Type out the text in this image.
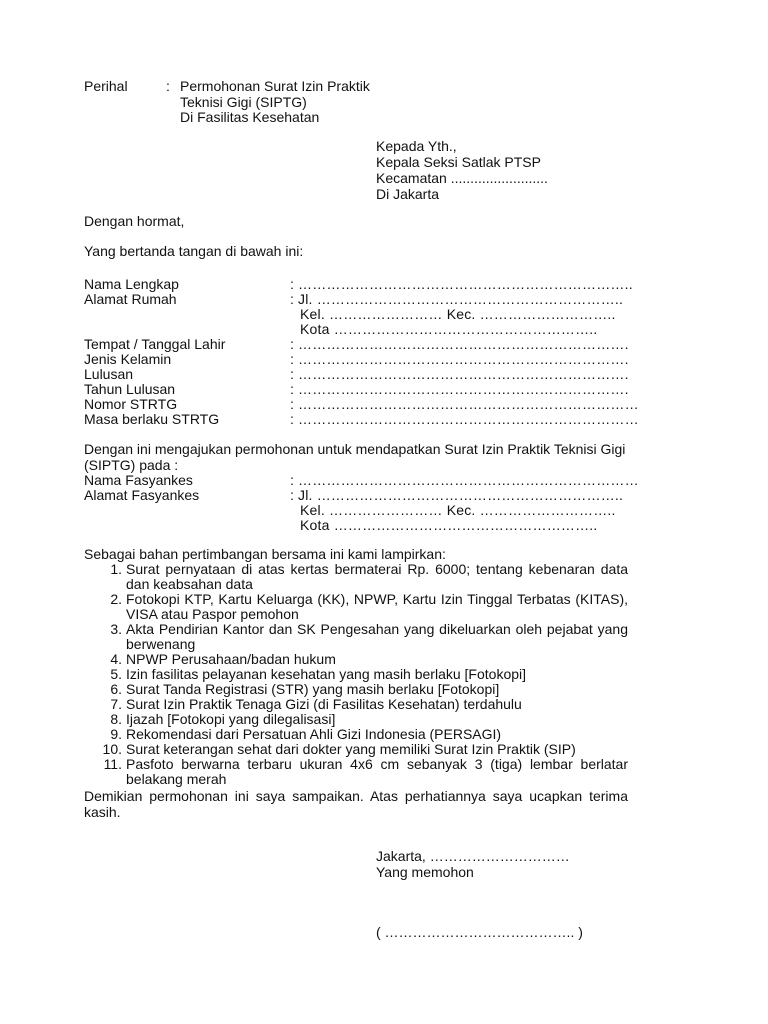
Perihal	: Permohonan Surat Izin Praktik
Teknisi Gigi (SIPTG)
Di Fasilitas Kesehatan
Kepada Yth.,
Kepala Seksi Satlak PTSP
Kecamatan .........................
Di Jakarta
Dengan hormat,
Yang bertanda tangan di bawah ini:
Nama Lengkap	: ……………………………………………………………..
Alamat Rumah	: Jl. ………………………………………………………..
Kel. …………………… Kec. ………………………..
Kota ………………………………………………..
Tempat / Tanggal Lahir	: …………………………………………………………….
Jenis Kelamin	: …………………………………………………………….
Lulusan	: …………………………………………………………….
Tahun Lulusan	: …………………………………………………………….
Nomor STRTG	: ………………………………………………………………
Masa berlaku STRTG	: ………………………………………………………………
Dengan ini mengajukan permohonan untuk mendapatkan Surat Izin Praktik Teknisi Gigi (SIPTG) pada :
Nama Fasyankes	: ………………………………………………………………
Alamat Fasyankes	: Jl. ………………………………………………………..
Kel. …………………… Kec. ………………………..
Kota ………………………………………………..
Sebagai bahan pertimbangan bersama ini kami lampirkan:
1. Surat pernyataan di atas kertas bermaterai Rp. 6000; tentang kebenaran data dan keabsahan data
2. Fotokopi KTP, Kartu Keluarga (KK), NPWP, Kartu Izin Tinggal Terbatas (KITAS), VISA atau Paspor pemohon
3. Akta Pendirian Kantor dan SK Pengesahan yang dikeluarkan oleh pejabat yang berwenang
4. NPWP Perusahaan/badan hukum
5. Izin fasilitas pelayanan kesehatan yang masih berlaku [Fotokopi]
6. Surat Tanda Registrasi (STR) yang masih berlaku [Fotokopi]
7. Surat Izin Praktik Tenaga Gizi (di Fasilitas Kesehatan) terdahulu
8. Ijazah [Fotokopi yang dilegalisasi]
9. Rekomendasi dari Persatuan Ahli Gizi Indonesia (PERSAGI)
10. Surat keterangan sehat dari dokter yang memiliki Surat Izin Praktik (SIP)
11. Pasfoto berwarna terbaru ukuran 4x6 cm sebanyak 3 (tiga) lembar berlatar belakang merah
Demikian permohonan ini saya sampaikan. Atas perhatiannya saya ucapkan terima kasih.
Jakarta, …………………………
Yang memohon
( ………………………………….. )
